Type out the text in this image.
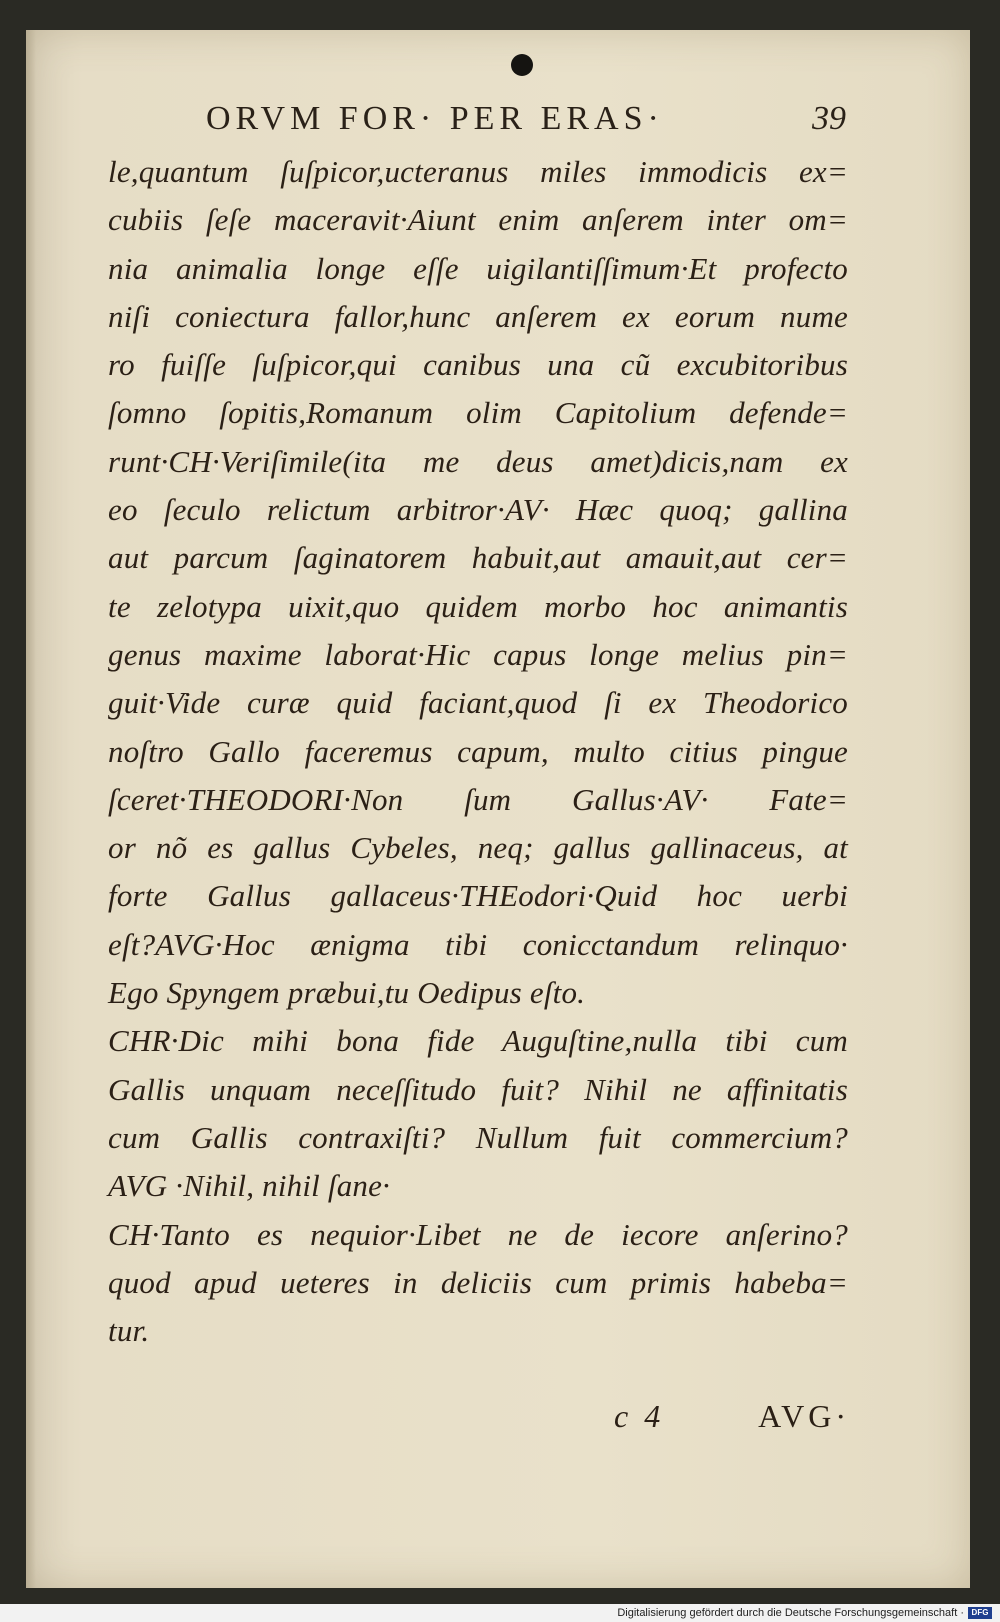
ORVM FOR· PER ERAS·	39
le,quantum ſuſpicor,ucteranus miles immodicis ex=
cubiis ſeſe maceravit·Aiunt enim anſerem inter om=
nia animalia longe eſſe uigilantiſſimum·Et profecto
niſi coniectura fallor,hunc anſerem ex eorum nume
ro fuiſſe ſuſpicor,qui canibus una cũ excubitoribus
ſomno ſopitis,Romanum olim Capitolium defende=
runt·CH·Veriſimile(ita me deus amet)dicis,nam ex
eo ſeculo relictum arbitror·AV· Hæc quoq; gallina
aut parcum ſaginatorem habuit,aut amauit,aut cer=
te zelotypa uixit,quo quidem morbo hoc animantis
genus maxime laborat·Hic capus longe melius pin=
guit·Vide curæ quid faciant,quod ſi ex Theodorico
noſtro Gallo faceremus capum, multo citius pingue
ſceret·THEODORI·Non ſum Gallus·AV· Fate=
or nõ es gallus Cybeles, neq; gallus gallinaceus, at
forte Gallus gallaceus·THEodori·Quid hoc uerbi
eſt?AVG·Hoc ænigma tibi conicctandum relinquo·
Ego Spyngem præbui,tu Oedipus eſto.
CHR·Dic mihi bona fide Auguſtine,nulla tibi cum
Gallis unquam neceſſitudo fuit? Nihil ne affinitatis
cum Gallis contraxiſti? Nullum fuit commercium?
AVG ·Nihil, nihil ſane·
CH·Tanto es nequior·Libet ne de iecore anſerino?
quod apud ueteres in deliciis cum primis habeba=
tur.
c 4	AVG·
Digitalisierung gefördert durch die Deutsche Forschungsgemeinschaft · DFG
